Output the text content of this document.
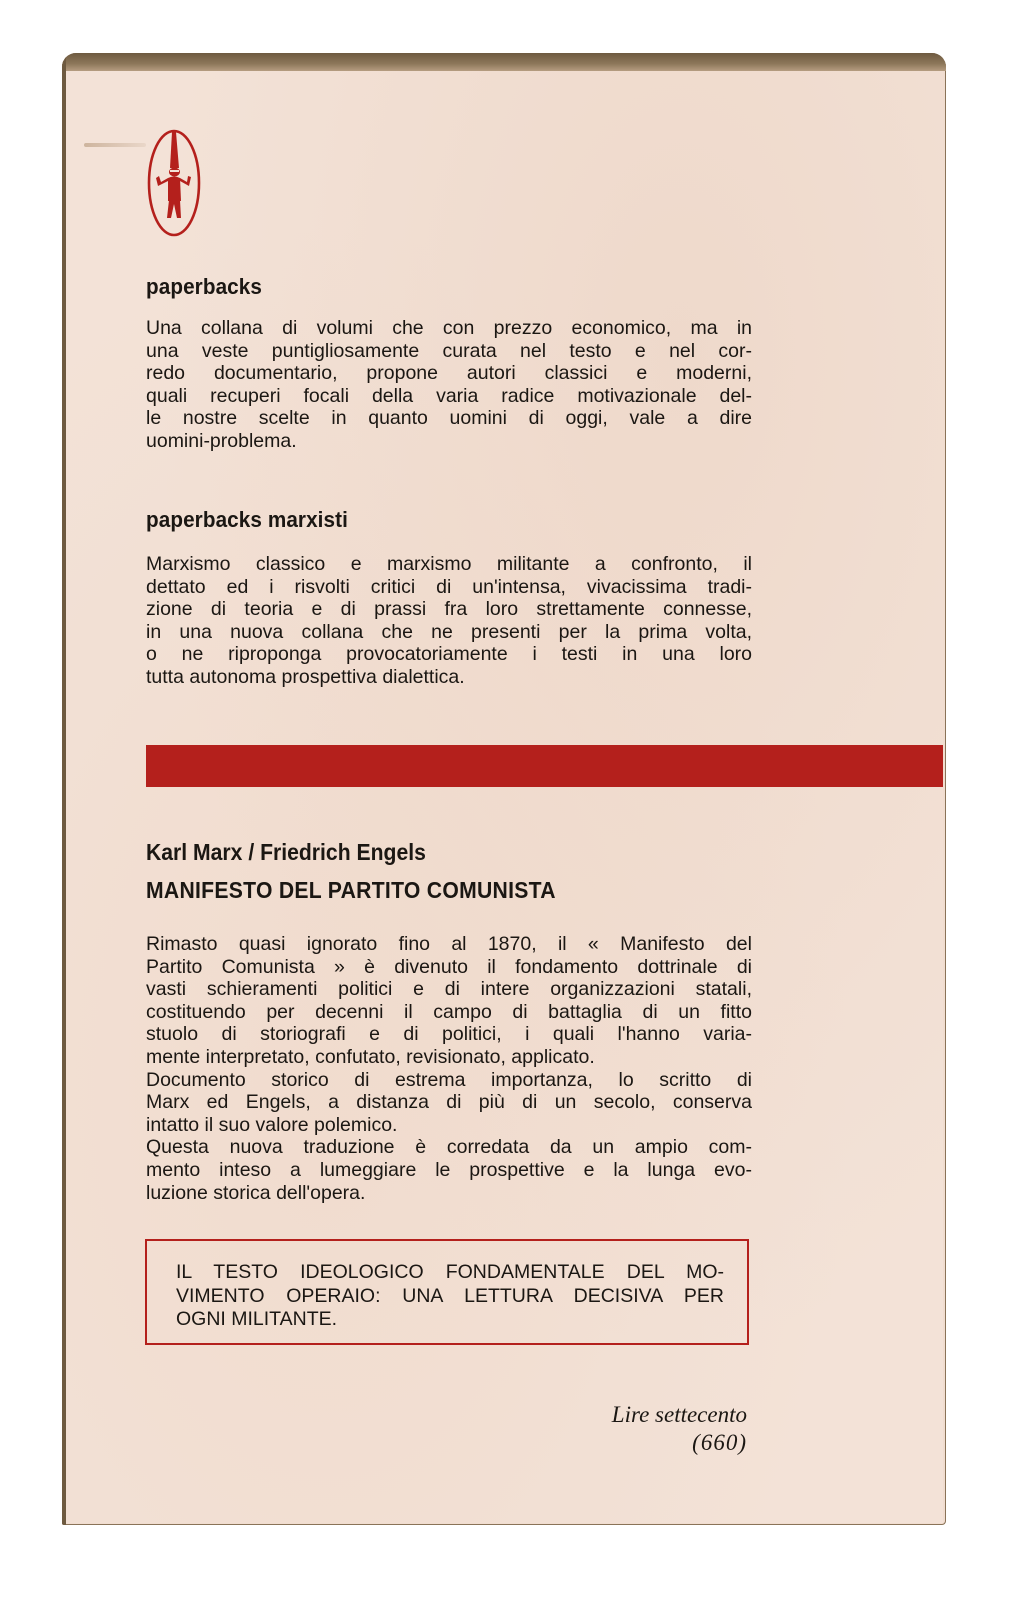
paperbacks
Una collana di volumi che con prezzo economico, ma in
una veste puntigliosamente curata nel testo e nel cor-
redo documentario, propone autori classici e moderni,
quali recuperi focali della varia radice motivazionale del-
le nostre scelte in quanto uomini di oggi, vale a dire
uomini-problema.
paperbacks marxisti
Marxismo classico e marxismo militante a confronto, il
dettato ed i risvolti critici di un'intensa, vivacissima tradi-
zione di teoria e di prassi fra loro strettamente connesse,
in una nuova collana che ne presenti per la prima volta,
o ne riproponga provocatoriamente i testi in una loro
tutta autonoma prospettiva dialettica.
Karl Marx / Friedrich Engels
MANIFESTO DEL PARTITO COMUNISTA
Rimasto quasi ignorato fino al 1870, il « Manifesto del
Partito Comunista » è divenuto il fondamento dottrinale di
vasti schieramenti politici e di intere organizzazioni statali,
costituendo per decenni il campo di battaglia di un fitto
stuolo di storiografi e di politici, i quali l'hanno varia-
mente interpretato, confutato, revisionato, applicato.
Documento storico di estrema importanza, lo scritto di
Marx ed Engels, a distanza di più di un secolo, conserva
intatto il suo valore polemico.
Questa nuova traduzione è corredata da un ampio com-
mento inteso a lumeggiare le prospettive e la lunga evo-
luzione storica dell'opera.
IL TESTO IDEOLOGICO FONDAMENTALE DEL MO-
VIMENTO OPERAIO: UNA LETTURA DECISIVA PER
OGNI MILITANTE.
Lire settecento
(660)
